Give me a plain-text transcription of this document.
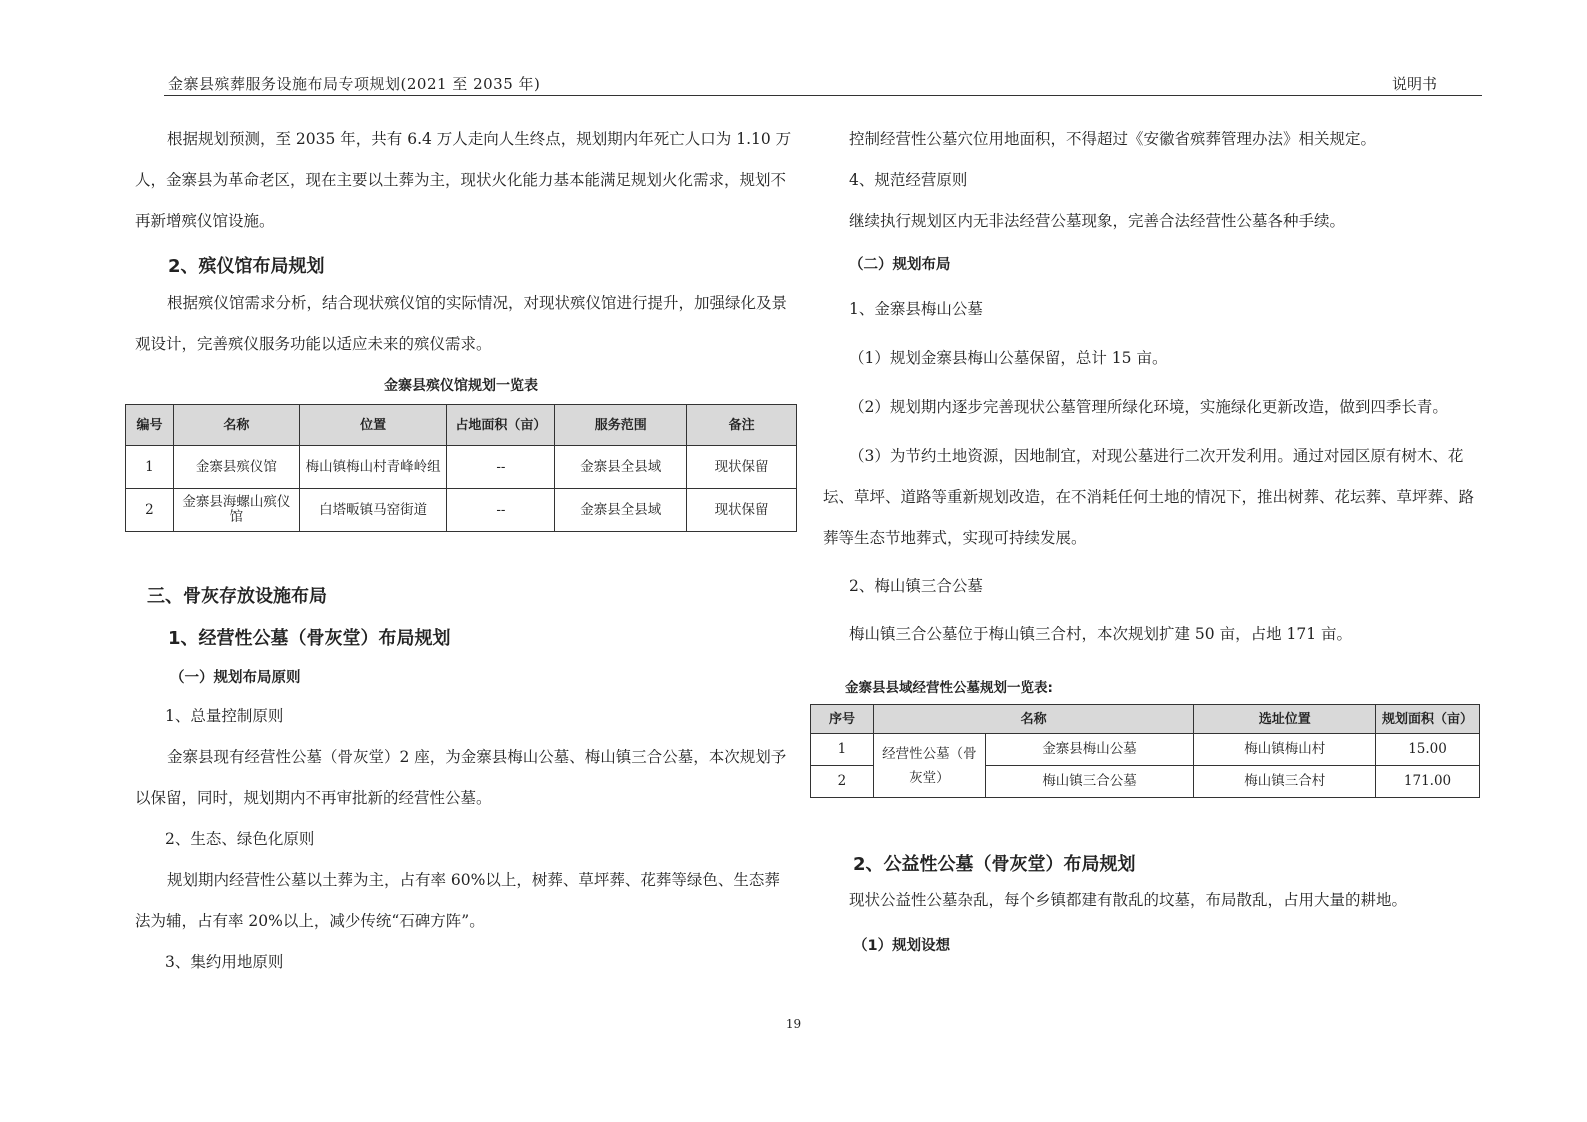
金寨县殡葬服务设施布局专项规划(2021 至 2035 年)	说明书

根据规划预测，至 2035 年，共有 6.4 万人走向人生终点，规划期内年死亡人口为 1.10 万人，金寨县为革命老区，现在主要以土葬为主，现状火化能力基本能满足规划火化需求，规划不再新增殡仪馆设施。

2、殡仪馆布局规划

根据殡仪馆需求分析，结合现状殡仪馆的实际情况，对现状殡仪馆进行提升，加强绿化及景观设计，完善殡仪服务功能以适应未来的殡仪需求。

金寨县殡仪馆规划一览表
编号	名称	位置	占地面积（亩）	服务范围	备注
1	金寨县殡仪馆	梅山镇梅山村青峰岭组	--	金寨县全县域	现状保留
2	金寨县海螺山殡仪馆	白塔畈镇马窑街道	--	金寨县全县域	现状保留
三、骨灰存放设施布局
1、经营性公墓（骨灰堂）布局规划
（一）规划布局原则

1、总量控制原则

金寨县现有经营性公墓（骨灰堂）2 座，为金寨县梅山公墓、梅山镇三合公墓，本次规划予以保留，同时，规划期内不再审批新的经营性公墓。

2、生态、绿色化原则

规划期内经营性公墓以土葬为主，占有率 60%以上，树葬、草坪葬、花葬等绿色、生态葬法为辅，占有率 20%以上，减少传统“石碑方阵”。

3、集约用地原则

控制经营性公墓穴位用地面积，不得超过《安徽省殡葬管理办法》相关规定。

4、规范经营原则

继续执行规划区内无非法经营公墓现象，完善合法经营性公墓各种手续。

（二）规划布局
1、金寨县梅山公墓
（1）规划金寨县梅山公墓保留，总计 15 亩。
（2）规划期内逐步完善现状公墓管理所绿化环境，实施绿化更新改造，做到四季长青。

（3）为节约土地资源，因地制宜，对现公墓进行二次开发利用。通过对园区原有树木、花坛、草坪、道路等重新规划改造，在不消耗任何土地的情况下，推出树葬、花坛葬、草坪葬、路葬等生态节地葬式，实现可持续发展。

2、梅山镇三合公墓
梅山镇三合公墓位于梅山镇三合村，本次规划扩建 50 亩，占地 171 亩。
金寨县县域经营性公墓规划一览表:
序号	名称		选址位置	规划面积（亩）
1	经营性公墓（骨灰堂）	金寨县梅山公墓	梅山镇梅山村	15.00
2		梅山镇三合公墓	梅山镇三合村	171.00
2、公益性公墓（骨灰堂）布局规划
现状公益性公墓杂乱，每个乡镇都建有散乱的坟墓，布局散乱，占用大量的耕地。
（1）规划设想
19
